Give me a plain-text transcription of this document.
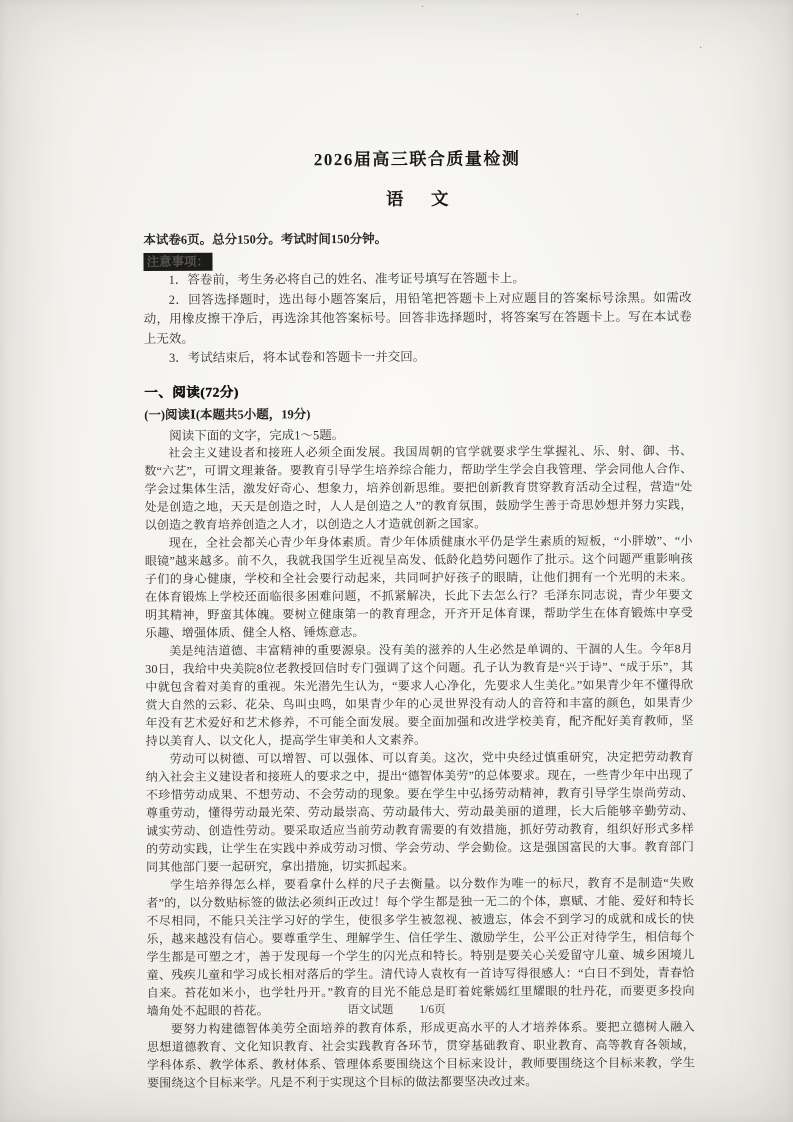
·	．
·
2026届高三联合质量检测
语　文

本试卷6页。总分150分。考试时间150分钟。

注意事项：

1．答卷前，考生务必将自己的姓名、准考证号填写在答题卡上。

2．回答选择题时，选出每小题答案后，用铅笔把答题卡上对应题目的答案标号涂黑。如需改动，用橡皮擦干净后，再选涂其他答案标号。回答非选择题时，将答案写在答题卡上。写在本试卷上无效。

3．考试结束后，将本试卷和答题卡一并交回。

一、阅读(72分)
(一)阅读Ⅰ(本题共5小题，19分)

阅读下面的文字，完成1～5题。

社会主义建设者和接班人必须全面发展。我国周朝的官学就要求学生掌握礼、乐、射、御、书、数“六艺”，可谓文理兼备。要教育引导学生培养综合能力，帮助学生学会自我管理、学会同他人合作、学会过集体生活，激发好奇心、想象力，培养创新思维。要把创新教育贯穿教育活动全过程，营造“处处是创造之地，天天是创造之时，人人是创造之人”的教育氛围，鼓励学生善于奇思妙想并努力实践，以创造之教育培养创造之人才，以创造之人才造就创新之国家。

现在，全社会都关心青少年身体素质。青少年体质健康水平仍是学生素质的短板，“小胖墩”、“小眼镜”越来越多。前不久，我就我国学生近视呈高发、低龄化趋势问题作了批示。这个问题严重影响孩子们的身心健康，学校和全社会要行动起来，共同呵护好孩子的眼睛，让他们拥有一个光明的未来。在体育锻炼上学校还面临很多困难问题，不抓紧解决，长此下去怎么行？毛泽东同志说，青少年要文明其精神，野蛮其体魄。要树立健康第一的教育理念，开齐开足体育课，帮助学生在体育锻炼中享受乐趣、增强体质、健全人格、锤炼意志。

美是纯洁道德、丰富精神的重要源泉。没有美的滋养的人生必然是单调的、干涸的人生。今年8月30日，我给中央美院8位老教授回信时专门强调了这个问题。孔子认为教育是“兴于诗”、“成于乐”，其中就包含着对美育的重视。朱光潜先生认为，“要求人心净化，先要求人生美化。”如果青少年不懂得欣赏大自然的云彩、花朵、鸟叫虫鸣，如果青少年的心灵世界没有动人的音符和丰富的颜色，如果青少年没有艺术爱好和艺术修养，不可能全面发展。要全面加强和改进学校美育，配齐配好美育教师，坚持以美育人、以文化人，提高学生审美和人文素养。

劳动可以树德、可以增智、可以强体、可以育美。这次，党中央经过慎重研究，决定把劳动教育纳入社会主义建设者和接班人的要求之中，提出“德智体美劳”的总体要求。现在，一些青少年中出现了不珍惜劳动成果、不想劳动、不会劳动的现象。要在学生中弘扬劳动精神，教育引导学生崇尚劳动、尊重劳动，懂得劳动最光荣、劳动最崇高、劳动最伟大、劳动最美丽的道理，长大后能够辛勤劳动、诚实劳动、创造性劳动。要采取适应当前劳动教育需要的有效措施，抓好劳动教育，组织好形式多样的劳动实践，让学生在实践中养成劳动习惯、学会劳动、学会勤俭。这是强国富民的大事。教育部门同其他部门要一起研究，拿出措施，切实抓起来。

学生培养得怎么样，要看拿什么样的尺子去衡量。以分数作为唯一的标尺，教育不是制造“失败者”的，以分数贴标签的做法必须纠正改过！每个学生都是独一无二的个体，禀赋、才能、爱好和特长不尽相同，不能只关注学习好的学生，使很多学生被忽视、被遗忘，体会不到学习的成就和成长的快乐，越来越没有信心。要尊重学生、理解学生、信任学生、激励学生，公平公正对待学生，相信每个学生都是可塑之才，善于发现每一个学生的闪光点和特长。特别是要关心关爱留守儿童、城乡困境儿童、残疾儿童和学习成长相对落后的学生。清代诗人袁枚有一首诗写得很感人：“白日不到处，青春恰自来。苔花如米小，也学牡丹开。”教育的目光不能总是盯着姹紫嫣红里耀眼的牡丹花，而要更多投向墙角处不起眼的苔花。

要努力构建德智体美劳全面培养的教育体系，形成更高水平的人才培养体系。要把立德树人融入思想道德教育、文化知识教育、社会实践教育各环节，贯穿基础教育、职业教育、高等教育各领域，学科体系、教学体系、教材体系、管理体系要围绕这个目标来设计，教师要围绕这个目标来教，学生要围绕这个目标来学。凡是不利于实现这个目标的做法都要坚决改过来。

语文试题 1/6页
